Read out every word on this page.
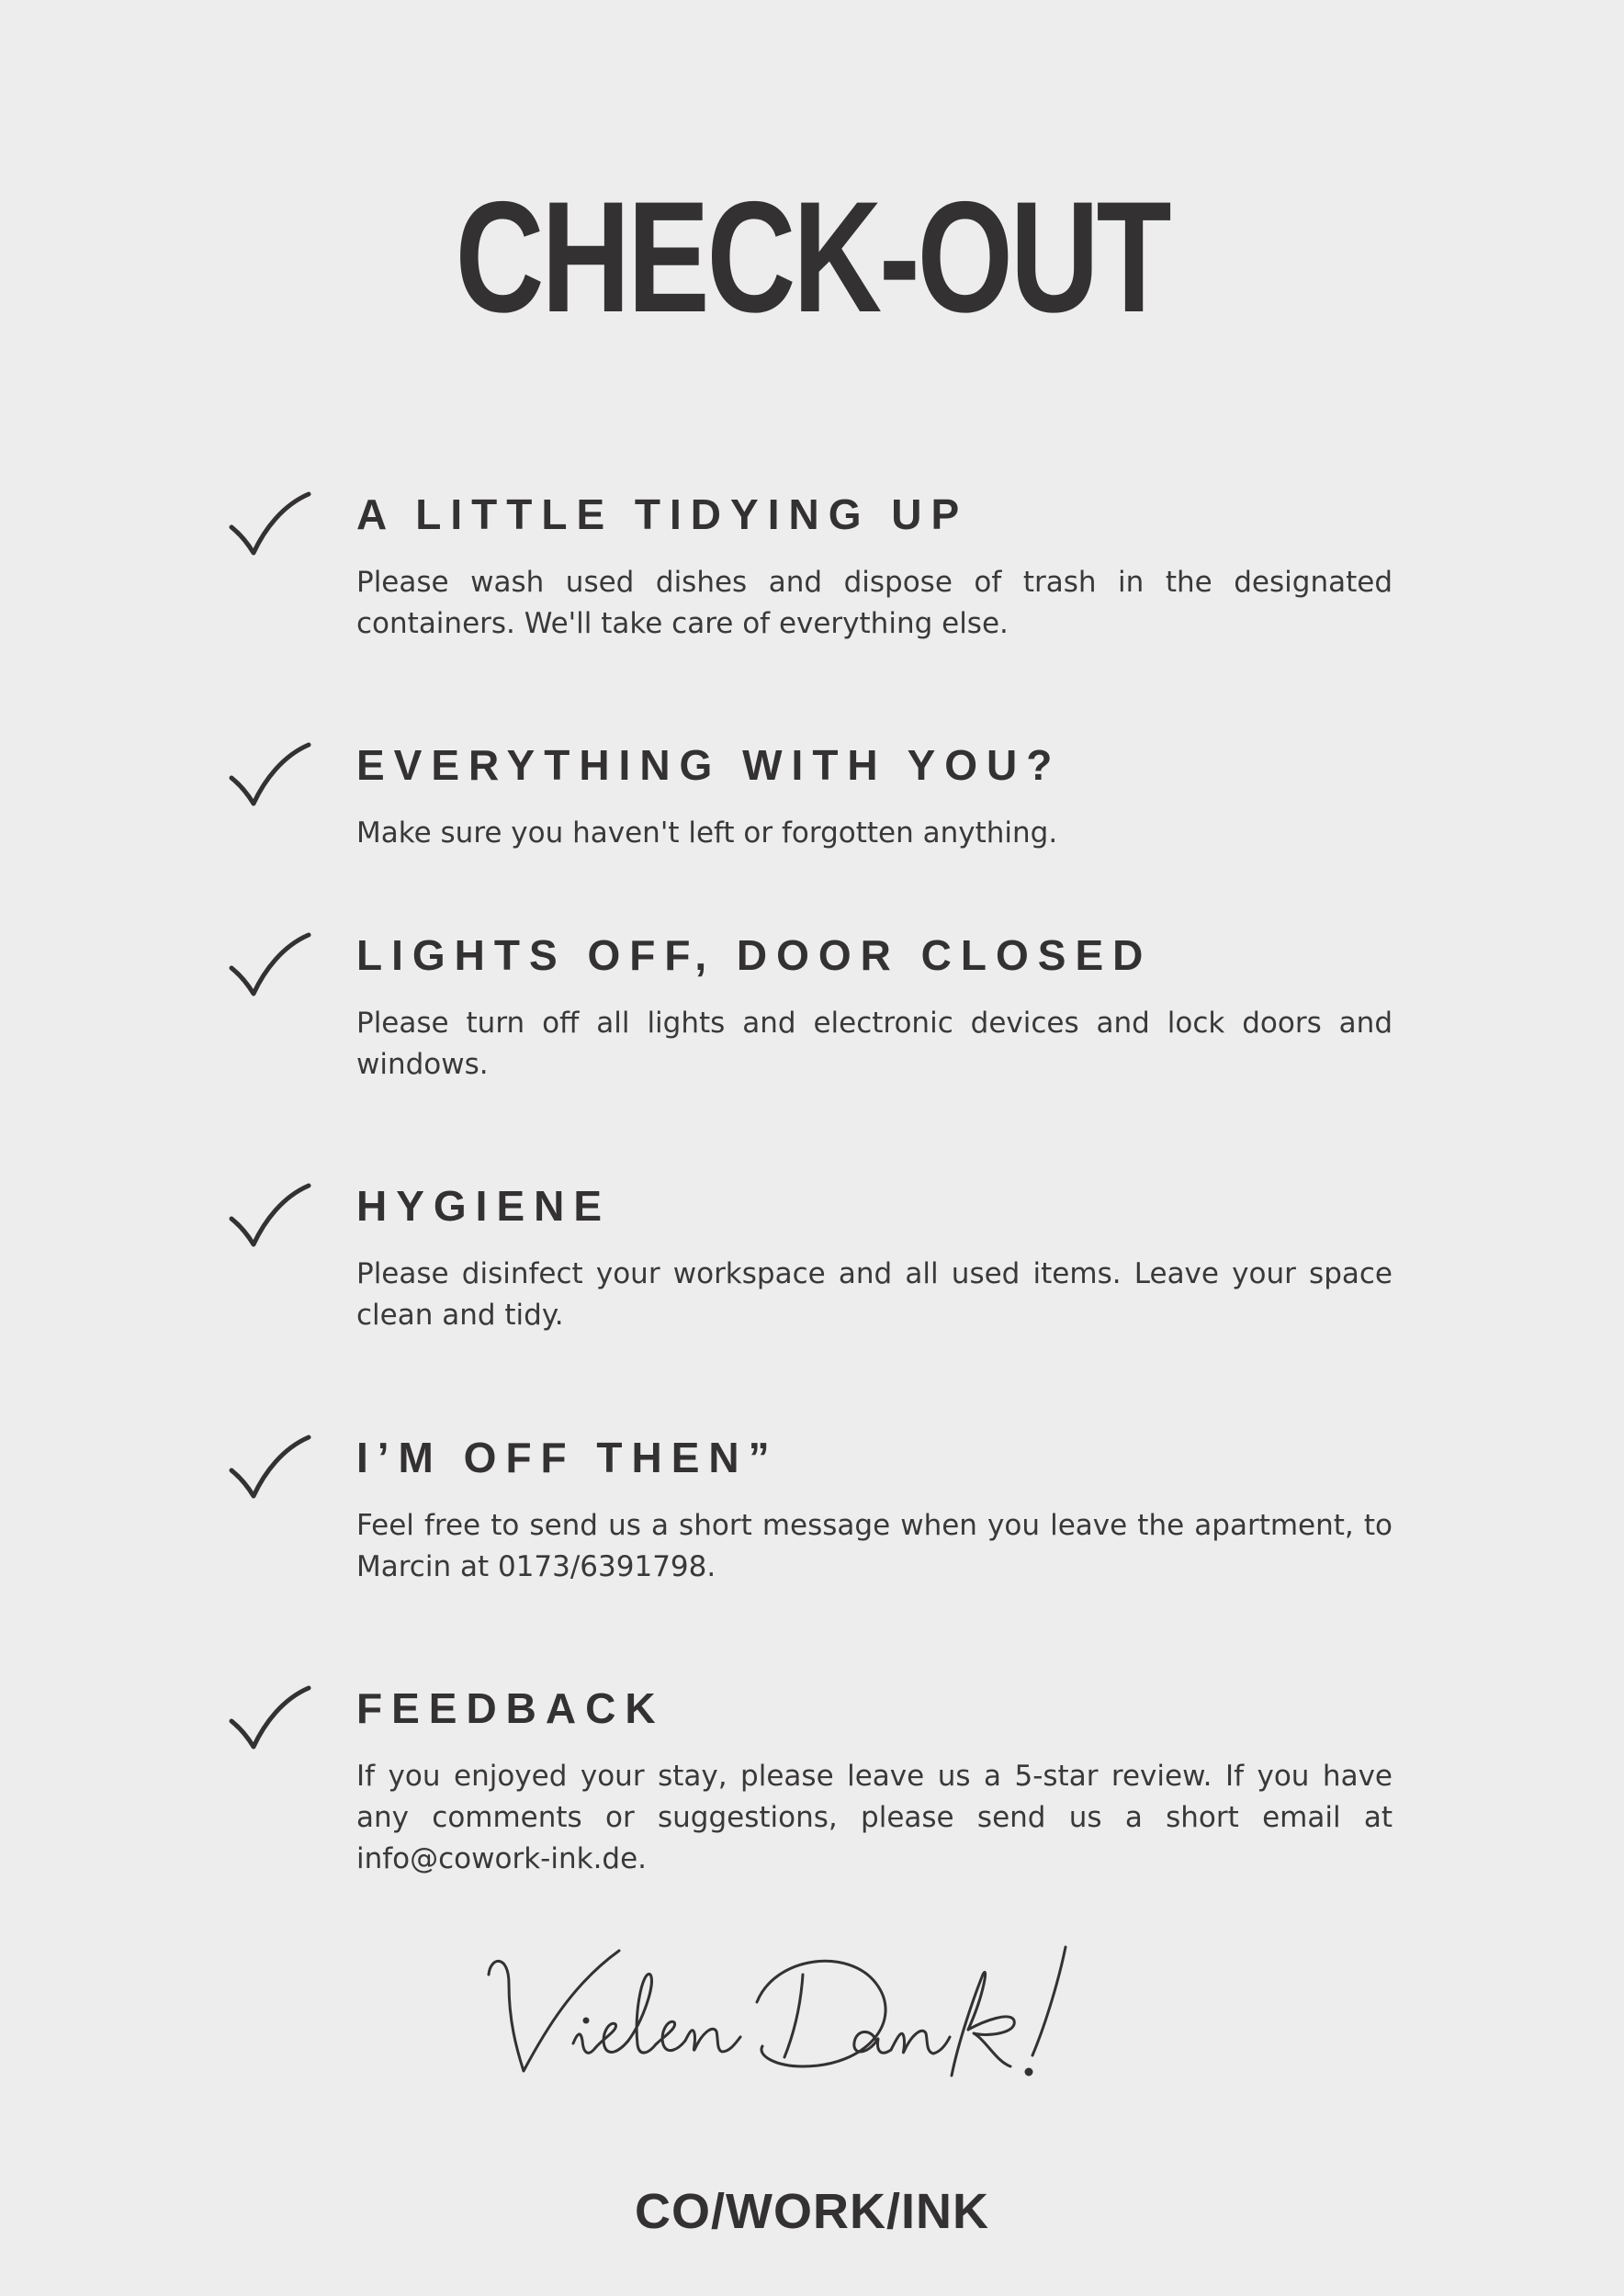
CHECK-OUT
A LITTLE TIDYING UP
Please wash used dishes and dispose of trash in the designated containers. We'll take care of everything else.
EVERYTHING WITH YOU?
Make sure you haven't left or forgotten anything.
LIGHTS OFF, DOOR CLOSED
Please turn off all lights and electronic devices and lock doors and windows.
HYGIENE
Please disinfect your workspace and all used items. Leave your space clean and tidy.
I’M OFF THEN”
Feel free to send us a short message when you leave the apartment, to Marcin at 0173/6391798.
FEEDBACK
If you enjoyed your stay, please leave us a 5-star review. If you have any comments or suggestions, please send us a short email at info@cowork-ink.de.
CO/WORK/INK
